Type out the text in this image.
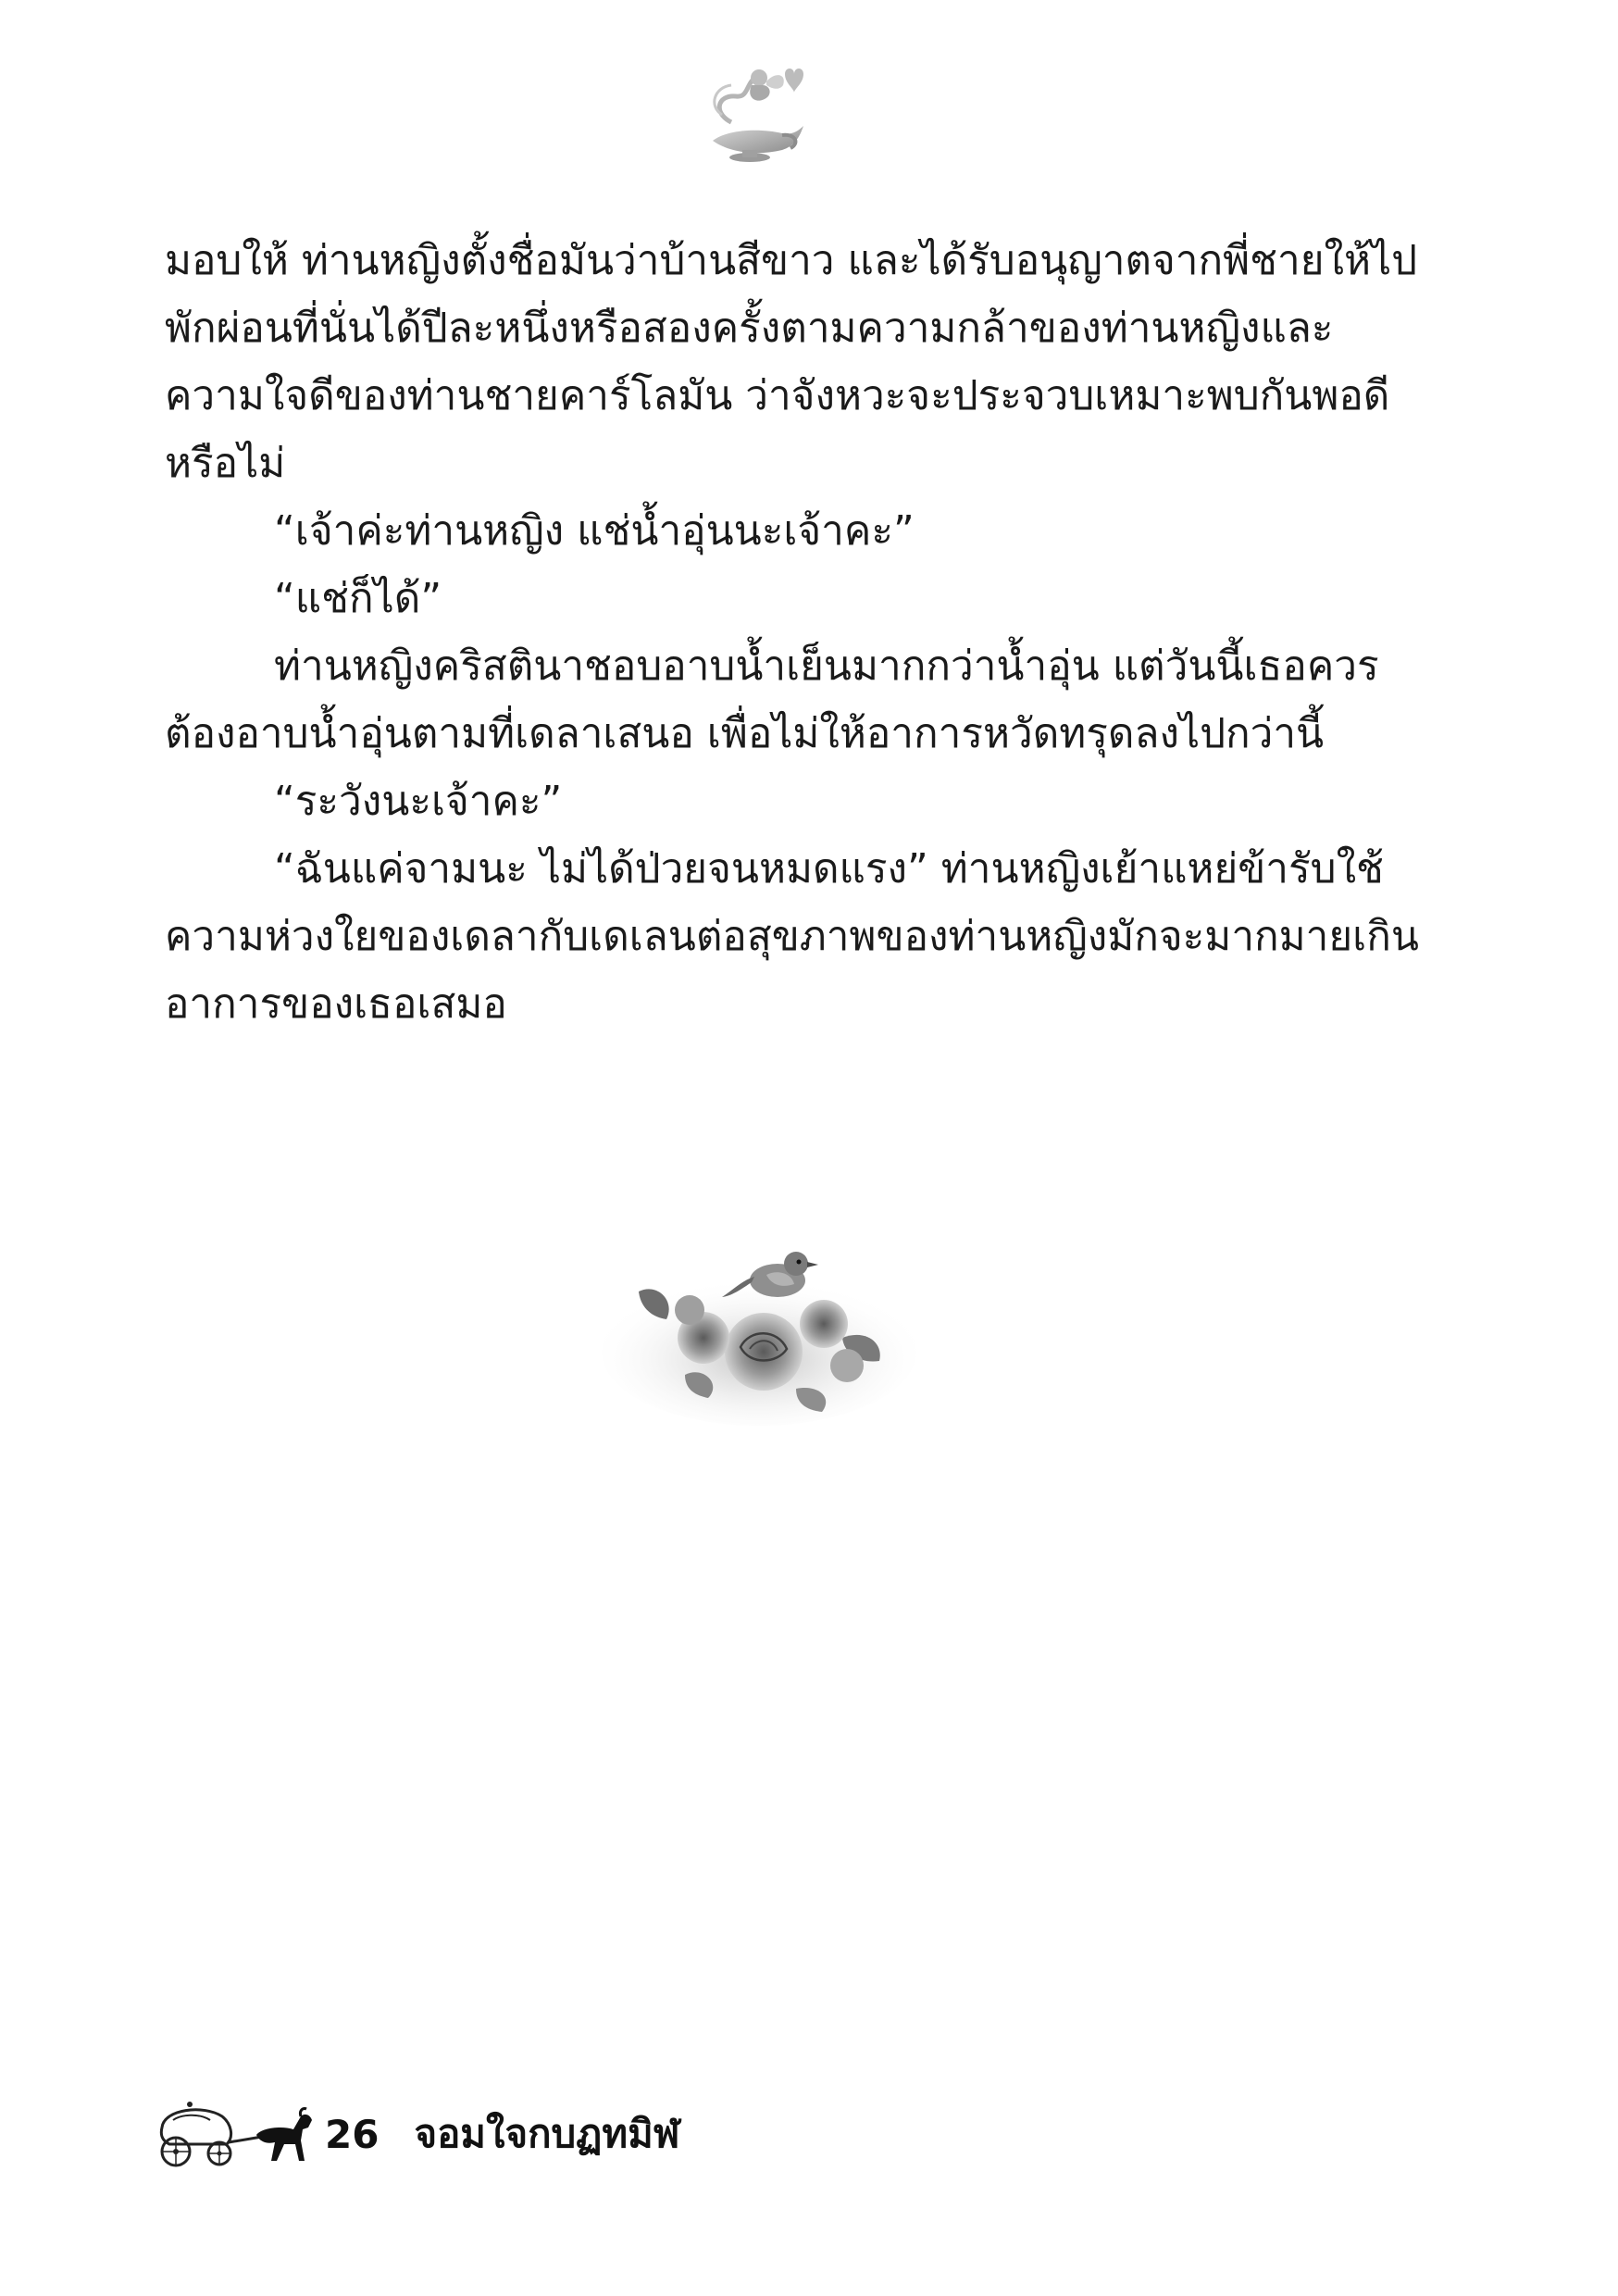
มอบให้ ท่านหญิงตั้งชื่อมันว่าบ้านสีขาว และได้รับอนุญาตจากพี่ชายให้ไป

พักผ่อนที่นั่นได้ปีละหนึ่งหรือสองครั้งตามความกล้าของท่านหญิงและ

ความใจดีของท่านชายคาร์โลมัน ว่าจังหวะจะประจวบเหมาะพบกันพอดี

หรือไม่

“เจ้าค่ะท่านหญิง แช่น้ำอุ่นนะเจ้าคะ”

“แช่ก็ได้”

ท่านหญิงคริสตินาชอบอาบน้ำเย็นมากกว่าน้ำอุ่น แต่วันนี้เธอควร

ต้องอาบน้ำอุ่นตามที่เดลาเสนอ เพื่อไม่ให้อาการหวัดทรุดลงไปกว่านี้

“ระวังนะเจ้าคะ”

“ฉันแค่จามนะ ไม่ได้ป่วยจนหมดแรง” ท่านหญิงเย้าแหย่ข้ารับใช้

ความห่วงใยของเดลากับเดเลนต่อสุขภาพของท่านหญิงมักจะมากมายเกิน

อาการของเธอเสมอ

26 จอมใจกบฏทมิฬ
